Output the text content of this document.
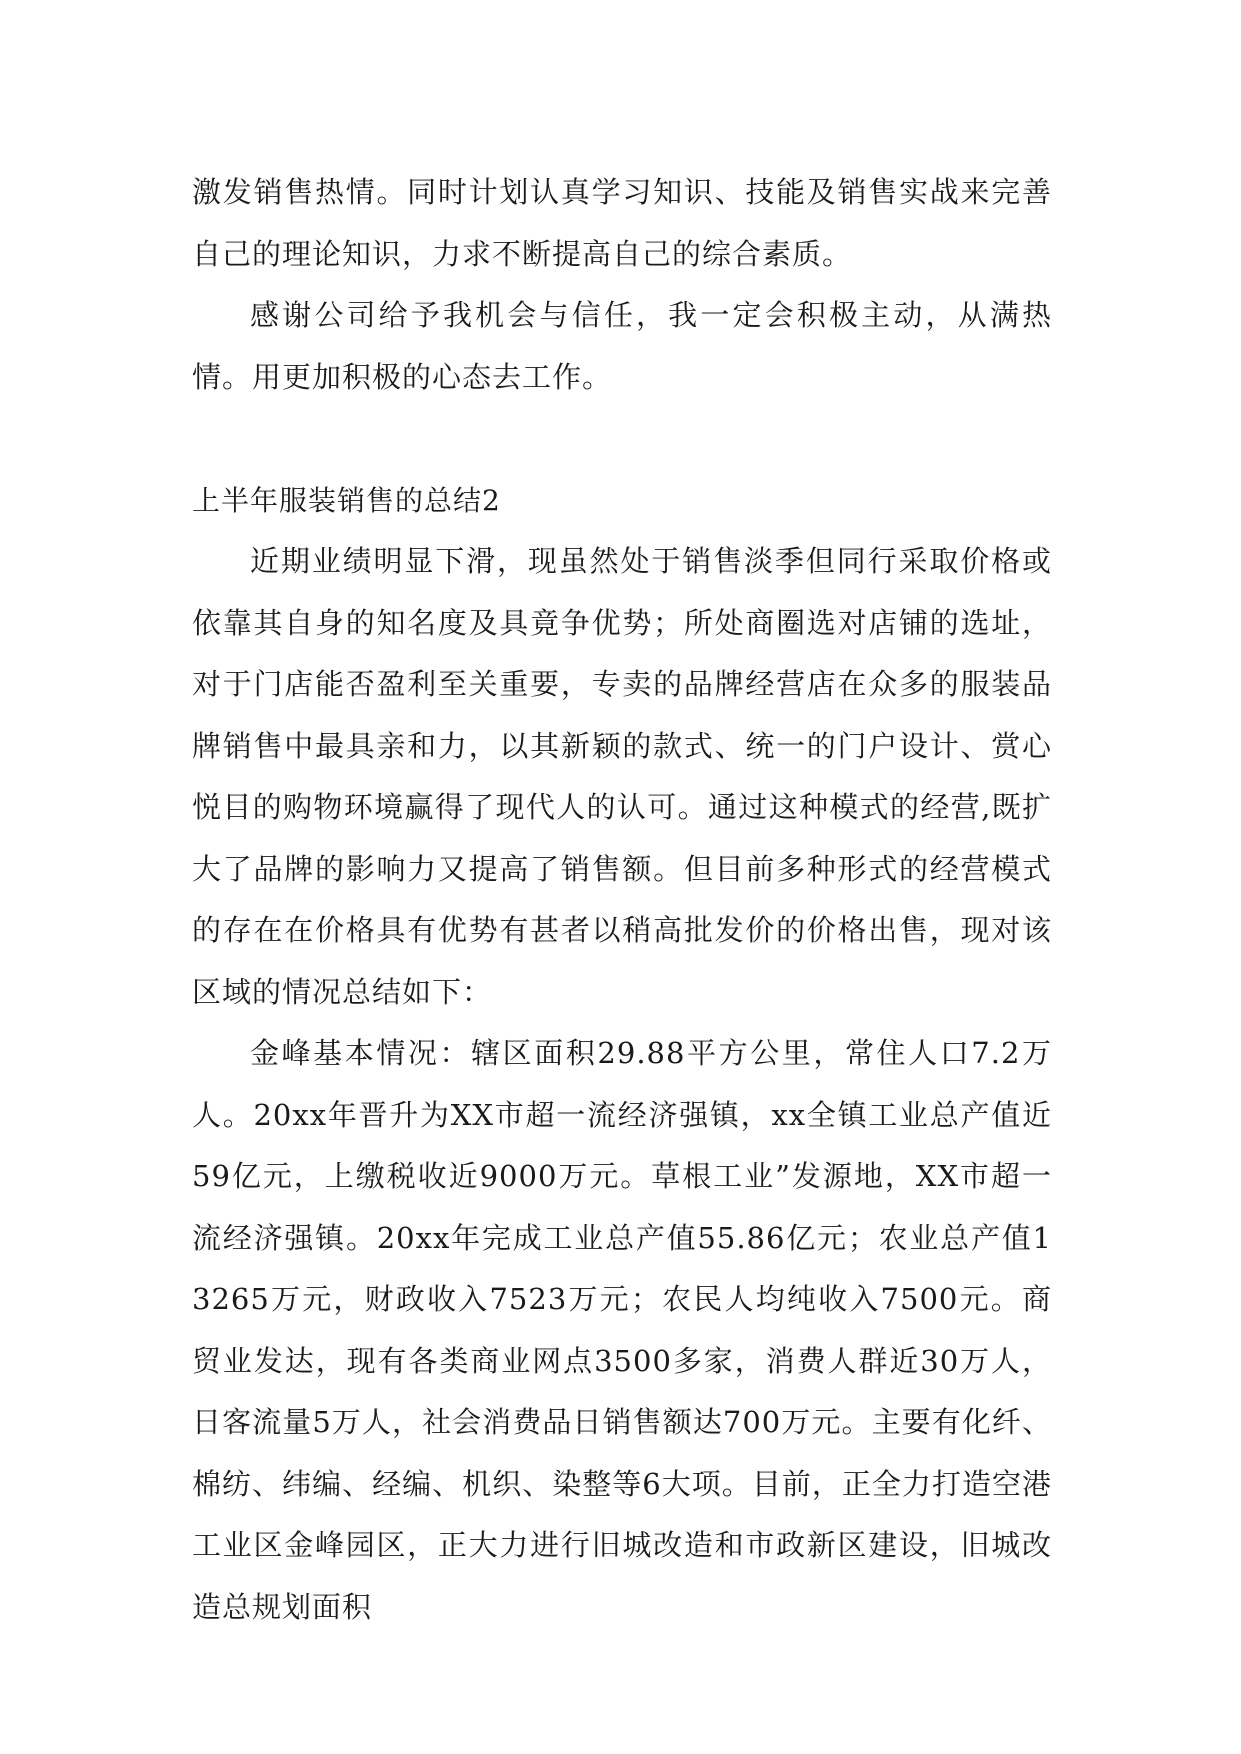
激发销售热情。同时计划认真学习知识、技能及销售实战来完善自己的理论知识，力求不断提高自己的综合素质。

感谢公司给予我机会与信任，我一定会积极主动，从满热情。用更加积极的心态去工作。

上半年服装销售的总结2

近期业绩明显下滑，现虽然处于销售淡季但同行采取价格或依靠其自身的知名度及具竟争优势；所处商圈选对店铺的选址，对于门店能否盈利至关重要，专卖的品牌经营店在众多的服装品牌销售中最具亲和力，以其新颖的款式、统一的门户设计、赏心悦目的购物环境赢得了现代人的认可。通过这种模式的经营,既扩大了品牌的影响力又提高了销售额。但目前多种形式的经营模式的存在在价格具有优势有甚者以稍高批发价的价格出售，现对该区域的情况总结如下：

金峰基本情况：辖区面积29.88平方公里，常住人口7.2万人。20xx年晋升为XX市超一流经济强镇，xx全镇工业总产值近59亿元，上缴税收近9000万元。草根工业”发源地，XX市超一流经济强镇。20xx年完成工业总产值55.86亿元；农业总产值13265万元，财政收入7523万元；农民人均纯收入7500元。商贸业发达，现有各类商业网点3500多家，消费人群近30万人，日客流量5万人，社会消费品日销售额达700万元。主要有化纤、棉纺、纬编、经编、机织、染整等6大项。目前，正全力打造空港工业区金峰园区，正大力进行旧城改造和市政新区建设，旧城改造总规划面积
